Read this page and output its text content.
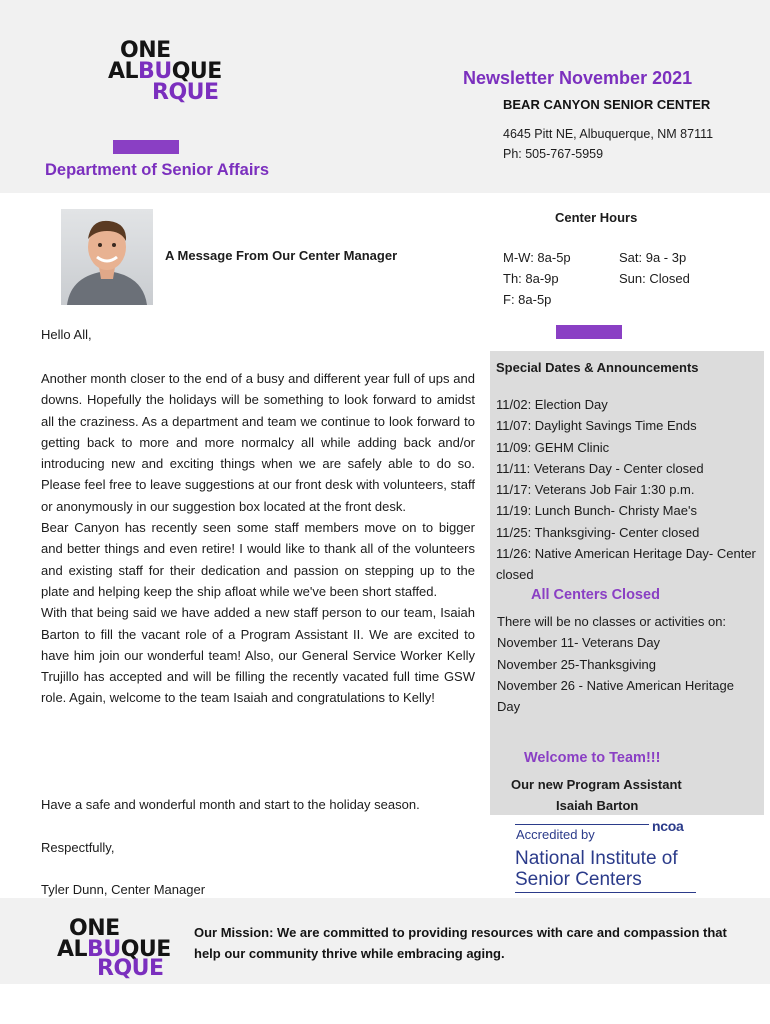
ONE
ALBUQUE
RQUE
Newsletter November 2021
BEAR CANYON SENIOR CENTER
4645 Pitt NE, Albuquerque, NM 87111
Ph: 505-767-5959
Department of Senior Affairs
A Message From Our Center Manager
Center Hours
M-W: 8a-5p
Th: 8a-9p
F: 8a-5p
Sat: 9a - 3p
Sun: Closed
Hello All,

Another month closer to the end of a busy and different year full of ups and downs. Hopefully the holidays will be something to look forward to amidst all the craziness. As a department and team we continue to look forward to getting back to more and more normalcy all while adding back and/or introducing new and exciting things when we are safely able to do so. Please feel free to leave suggestions at our front desk with volunteers, staff or anonymously in our suggestion box located at the front desk.

Bear Canyon has recently seen some staff members move on to bigger and better things and even retire! I would like to thank all of the volunteers and existing staff for their dedication and passion on stepping up to the plate and helping keep the ship afloat while we've been short staffed.

With that being said we have added a new staff person to our team, Isaiah Barton to fill the vacant role of a Program Assistant II. We are excited to have him join our wonderful team! Also, our General Service Worker Kelly Trujillo has accepted and will be filling the recently vacated full time GSW role. Again, welcome to the team Isaiah and congratulations to Kelly!

Have a safe and wonderful month and start to the holiday season.
Respectfully,
Tyler Dunn, Center Manager
Special Dates & Announcements
11/02: Election Day
11/07: Daylight Savings Time Ends
11/09: GEHM Clinic
11/11: Veterans Day - Center closed
11/17: Veterans Job Fair 1:30 p.m.
11/19: Lunch Bunch- Christy Mae's
11/25: Thanksgiving- Center closed
11/26: Native American Heritage Day- Center closed
All Centers Closed

There will be no classes or activities on:

November 11- Veterans Day

November 25-Thanksgiving

November 26 - Native American Heritage Day

Welcome to Team!!!
Our new Program Assistant
Isaiah Barton
Accredited by
ncoa
National Institute of
Senior Centers
ONE
ALBUQUE
RQUE
Our Mission: We are committed to providing resources with care and compassion that help our community thrive while embracing aging.
